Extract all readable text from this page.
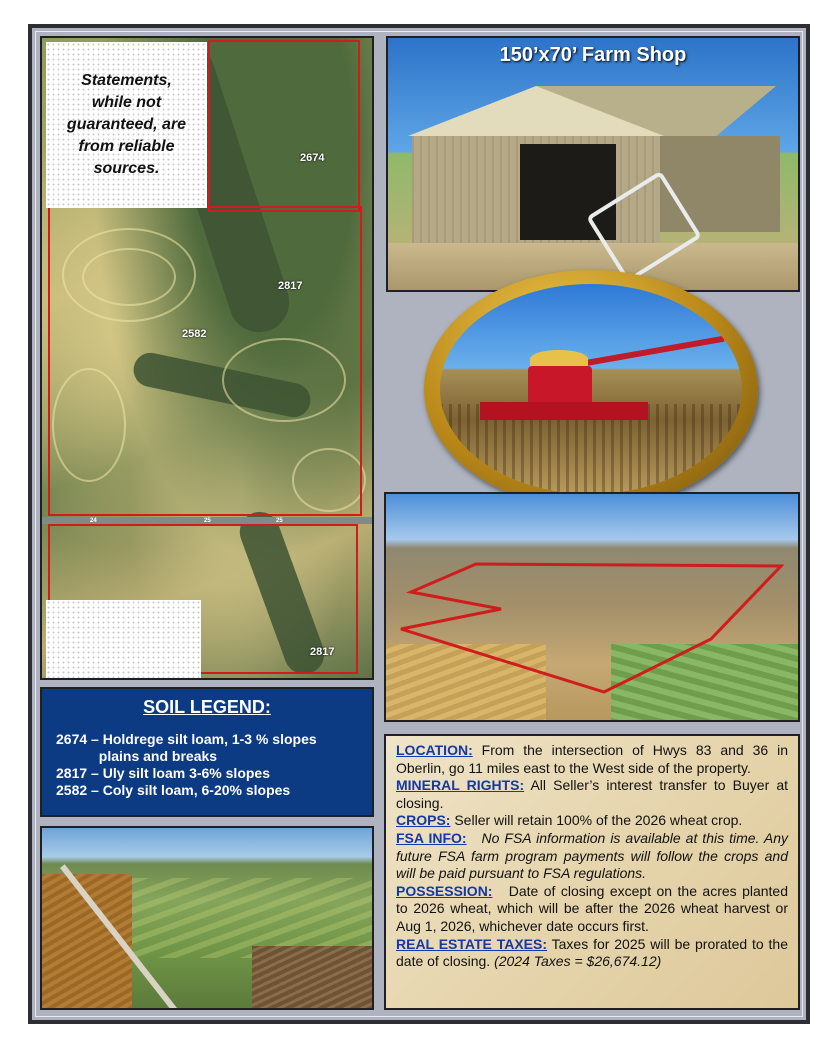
24	25	25
2674
2817
2582
2817
Statements,
while not
guaranteed, are
from reliable
sources.
150’x70’ Farm Shop
SOIL LEGEND:
2674 – Holdrege silt loam, 1-3 % slopes
plains and breaks
2817 – Uly silt loam 3-6% slopes
2582 – Coly silt loam, 6-20% slopes

LOCATION: From the intersection of Hwys 83 and 36 in Oberlin, go 11 miles east to the West side of the property.

MINERAL RIGHTS: All Seller’s interest transfer to Buyer at closing.

CROPS: Seller will retain 100% of the 2026 wheat crop.

FSA INFO:   No FSA information is available at this time. Any future FSA farm program payments will follow the crops and will be paid pursuant to FSA regulations.

POSSESSION:   Date of closing except on the acres planted to 2026 wheat, which will be after the 2026 wheat harvest or Aug 1, 2026, whichever date occurs first.

REAL ESTATE TAXES: Taxes for 2025 will be prorated to the date of closing. (2024 Taxes = $26,674.12)
